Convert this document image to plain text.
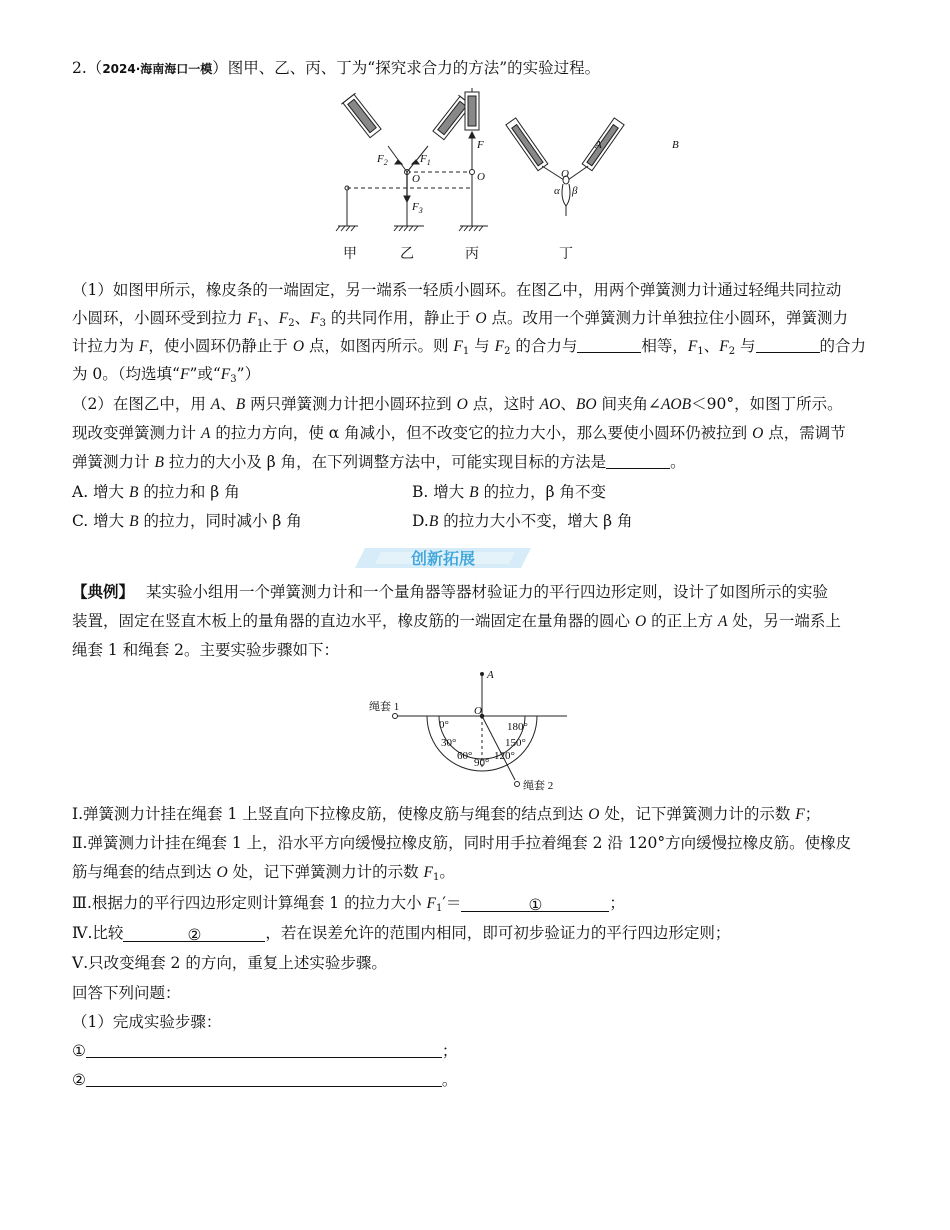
2.（2024·海南海口一模）图甲、乙、丙、丁为“探究求合力的方法”的实验过程。
$F_2$	$F_1$
O
$F_3$
F
O
A	B
O
α β
甲	乙	丙	丁
（1）如图甲所示，橡皮条的一端固定，另一端系一轻质小圆环。在图乙中，用两个弹簧测力计通过轻绳共同拉动
小圆环，小圆环受到拉力 $F_1$、$F_2$、$F_3$ 的共同作用，静止于 O 点。改用一个弹簧测力计单独拉住小圆环，弹簧测力
计拉力为 F，使小圆环仍静止于 O 点，如图丙所示。则 $F_1$ 与 $F_2$ 的合力与	相等，$F_1$、$F_2$ 与	的合力
为 0。（均选填“F”或“$F_3$”）
（2）在图乙中，用 A、B 两只弹簧测力计把小圆环拉到 O 点，这时 AO、BO 间夹角∠AOB＜90°，如图丁所示。
现改变弹簧测力计 A 的拉力方向，使 α 角减小，但不改变它的拉力大小，那么要使小圆环仍被拉到 O 点，需调节
弹簧测力计 B 拉力的大小及 β 角，在下列调整方法中，可能实现目标的方法是	。
A. 增大 B 的拉力和 β 角	B. 增大 B 的拉力，β 角不变
C. 增大 B 的拉力，同时减小 β 角	D.B 的拉力大小不变，增大 β 角
创新拓展
【典例】 某实验小组用一个弹簧测力计和一个量角器等器材验证力的平行四边形定则，设计了如图所示的实验
装置，固定在竖直木板上的量角器的直边水平，橡皮筋的一端固定在量角器的圆心 O 的正上方 A 处，另一端系上
绳套 1 和绳套 2。主要实验步骤如下：
A
O
绳套 1
绳套 2
0°
30°
60°
90°
120°
150°
180°
Ⅰ.弹簧测力计挂在绳套 1 上竖直向下拉橡皮筋，使橡皮筋与绳套的结点到达 O 处，记下弹簧测力计的示数 F；
Ⅱ.弹簧测力计挂在绳套 1 上，沿水平方向缓慢拉橡皮筋，同时用手拉着绳套 2 沿 120°方向缓慢拉橡皮筋。使橡皮
筋与绳套的结点到达 O 处，记下弹簧测力计的示数 $F_1$。
Ⅲ.根据力的平行四边形定则计算绳套 1 的拉力大小 $F_1'=$	①	；
Ⅳ.比较	②	，若在误差允许的范围内相同，即可初步验证力的平行四边形定则；
Ⅴ.只改变绳套 2 的方向，重复上述实验步骤。
回答下列问题：
（1）完成实验步骤：
①	；
②	。
